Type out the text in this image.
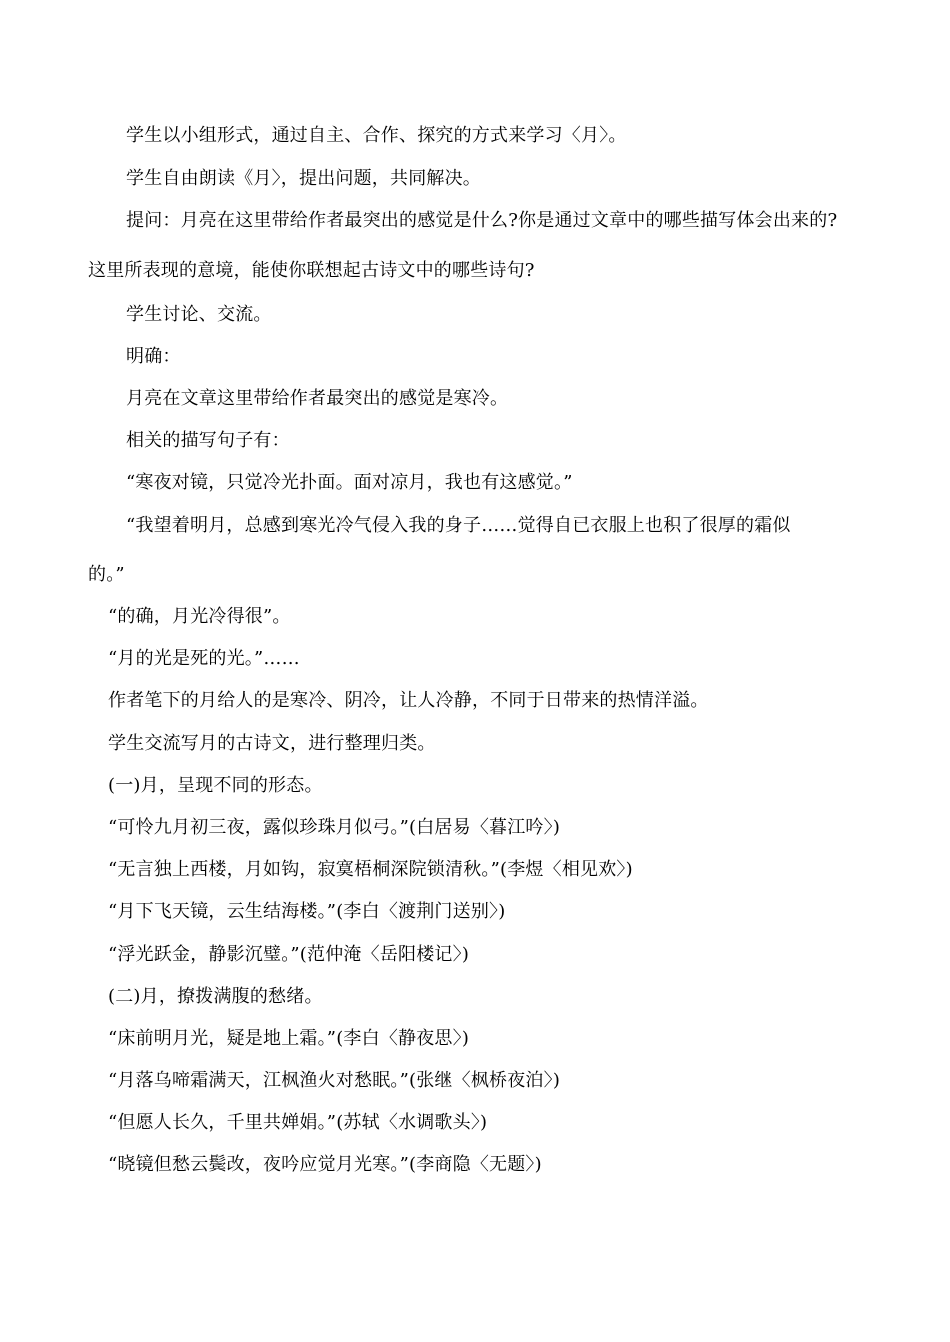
学生以小组形式，通过自主、合作、探究的方式来学习〈月〉。
学生自由朗读《月〉，提出问题，共同解决。
提问：月亮在这里带给作者最突出的感觉是什么?你是通过文章中的哪些描写体会出来的?
这里所表现的意境，能使你联想起古诗文中的哪些诗句?
学生讨论、交流。
明确：
月亮在文章这里带给作者最突出的感觉是寒冷。
相关的描写句子有：
“寒夜对镜，只觉冷光扑面。面对凉月，我也有这感觉。”
“我望着明月，总感到寒光冷气侵入我的身子……觉得自已衣服上也积了很厚的霜似
的。”
“的确，月光冷得很”。
“月的光是死的光。”……
作者笔下的月给人的是寒冷、阴冷，让人冷静，不同于日带来的热情洋溢。
学生交流写月的古诗文，进行整理归类。
(一)月，呈现不同的形态。
“可怜九月初三夜，露似珍珠月似弓。”(白居易〈暮江吟〉)
“无言独上西楼，月如钩，寂寞梧桐深院锁清秋。”(李煜〈相见欢〉)
“月下飞天镜，云生结海楼。”(李白〈渡荆门送别〉)
“浮光跃金，静影沉璧。”(范仲淹〈岳阳楼记〉)
(二)月，撩拨满腹的愁绪。
“床前明月光，疑是地上霜。”(李白〈静夜思〉)
“月落乌啼霜满天，江枫渔火对愁眠。”(张继〈枫桥夜泊〉)
“但愿人长久，千里共婵娟。”(苏轼〈水调歌头〉)
“晓镜但愁云鬓改，夜吟应觉月光寒。”(李商隐〈无题〉)
